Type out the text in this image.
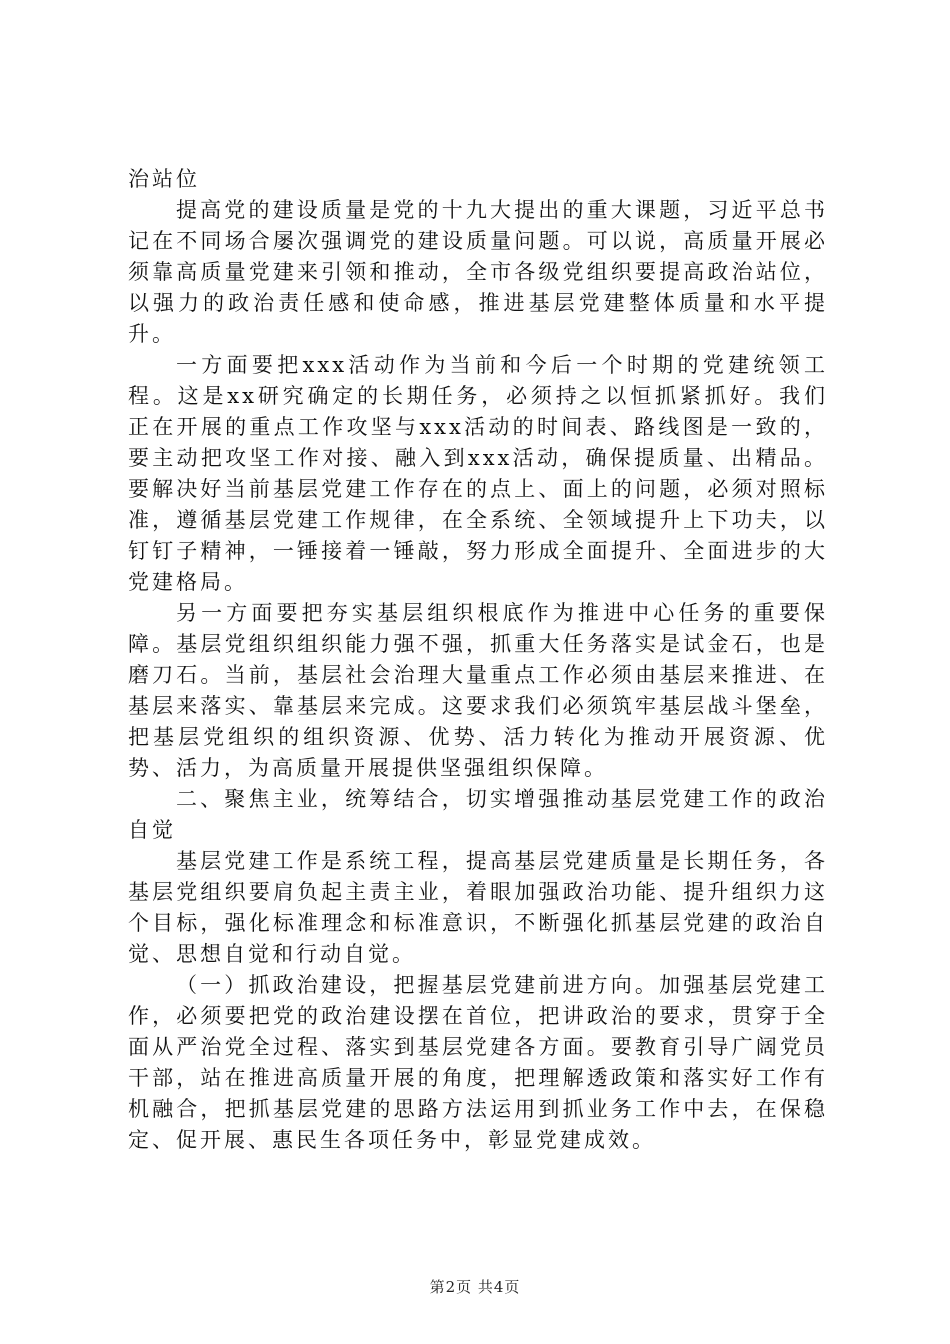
治站位

提高党的建设质量是党的十九大提出的重大课题，习近平总书记在不同场合屡次强调党的建设质量问题。可以说，高质量开展必须靠高质量党建来引领和推动，全市各级党组织要提高政治站位，以强力的政治责任感和使命感，推进基层党建整体质量和水平提升。

一方面要把xxx活动作为当前和今后一个时期的党建统领工程。这是xx研究确定的长期任务，必须持之以恒抓紧抓好。我们正在开展的重点工作攻坚与xxx活动的时间表、路线图是一致的，要主动把攻坚工作对接、融入到xxx活动，确保提质量、出精品。要解决好当前基层党建工作存在的点上、面上的问题，必须对照标准，遵循基层党建工作规律，在全系统、全领域提升上下功夫，以钉钉子精神，一锤接着一锤敲，努力形成全面提升、全面进步的大党建格局。

另一方面要把夯实基层组织根底作为推进中心任务的重要保障。基层党组织组织能力强不强，抓重大任务落实是试金石，也是磨刀石。当前，基层社会治理大量重点工作必须由基层来推进、在基层来落实、靠基层来完成。这要求我们必须筑牢基层战斗堡垒，把基层党组织的组织资源、优势、活力转化为推动开展资源、优势、活力，为高质量开展提供坚强组织保障。

二、聚焦主业，统筹结合，切实增强推动基层党建工作的政治自觉

基层党建工作是系统工程，提高基层党建质量是长期任务，各基层党组织要肩负起主责主业，着眼加强政治功能、提升组织力这个目标，强化标准理念和标准意识，不断强化抓基层党建的政治自觉、思想自觉和行动自觉。

（一）抓政治建设，把握基层党建前进方向。加强基层党建工作，必须要把党的政治建设摆在首位，把讲政治的要求，贯穿于全面从严治党全过程、落实到基层党建各方面。要教育引导广阔党员干部，站在推进高质量开展的角度，把理解透政策和落实好工作有机融合，把抓基层党建的思路方法运用到抓业务工作中去，在保稳定、促开展、惠民生各项任务中，彰显党建成效。

第2页 共4页
